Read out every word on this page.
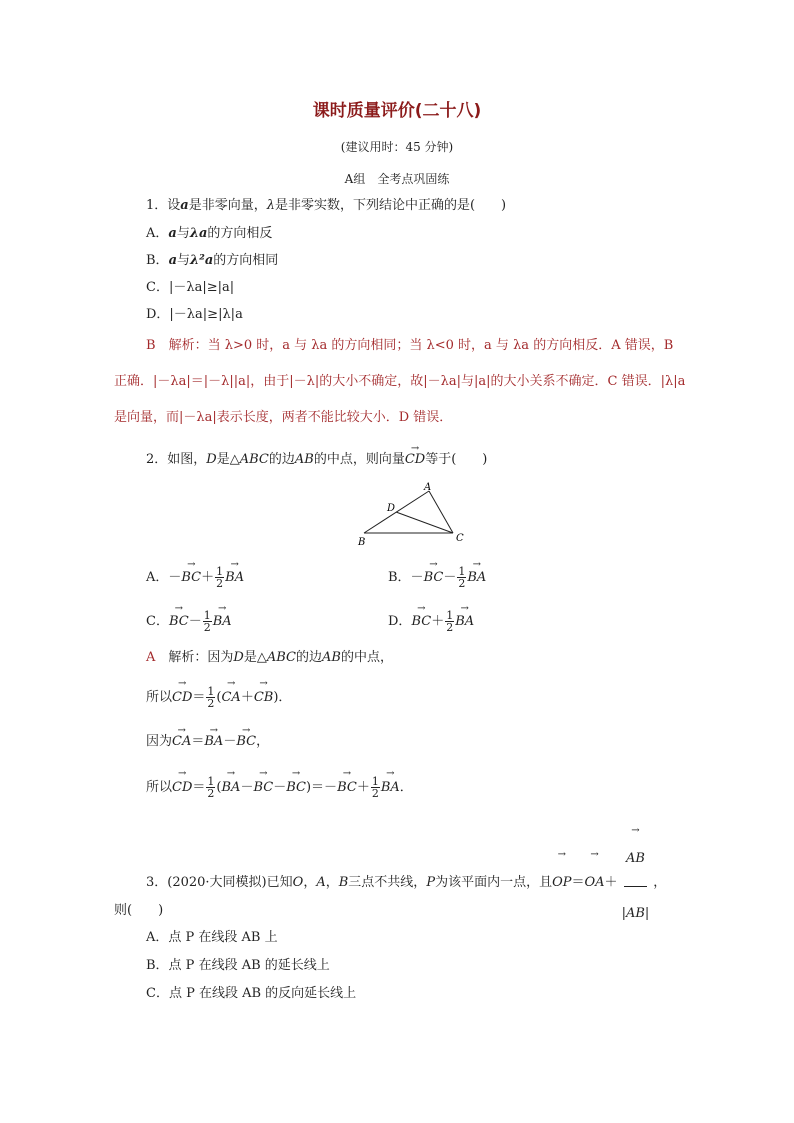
课时质量评价(二十八)
(建议用时：45 分钟)
A组　全考点巩固练
1．设a是非零向量，λ是非零实数，下列结论中正确的是(　　)
A．a与λa的方向相反
B．a与λ²a的方向相同
C．|－λa|≥|a|
D．|－λa|≥|λ|a
B　 解析：当 λ>0 时，a 与 λa 的方向相同；当 λ<0 时，a 与 λa 的方向相反．A 错误，B
正确．|－λa|＝|－λ||a|，由于|－λ|的大小不确定，故|－λa|与|a|的大小关系不确定．C 错误．|λ|a
是向量，而|－λa|表示长度，两者不能比较大小．D 错误．
2．如图，D是△ABC的边AB的中点，则向量→ CD等于(　　)
A
B	C
D
A．－→ $BC+ \frac{1}{2}$
→ BA	B．－→ $BC- \frac{1}{2}$
→ BA
C．→ $BC- \frac{1}{2}$
→ BA	D．→ $BC+ \frac{1}{2}$
→ BA
A　 解析：因为D是△ABC的边AB的中点，
所以→ $CD= \frac{1}{2}$ (→ CA＋→ CB)．
因为→ CA＝→ BA－→ BC，
所以→ $CD= \frac{1}{2}$ (→ $BA-\to BC-\to BC)=-\to BC+ \frac{1}{2}$
→ BA．
3．(2020·大同模拟)已知O，A，B三点不共线，P为该平面内一点，且→ OP＝→ OA＋
→ $\frac{AB}{|AB|}$ ，
则(　　)
A．点 P 在线段 AB 上
B．点 P 在线段 AB 的延长线上
C．点 P 在线段 AB 的反向延长线上
